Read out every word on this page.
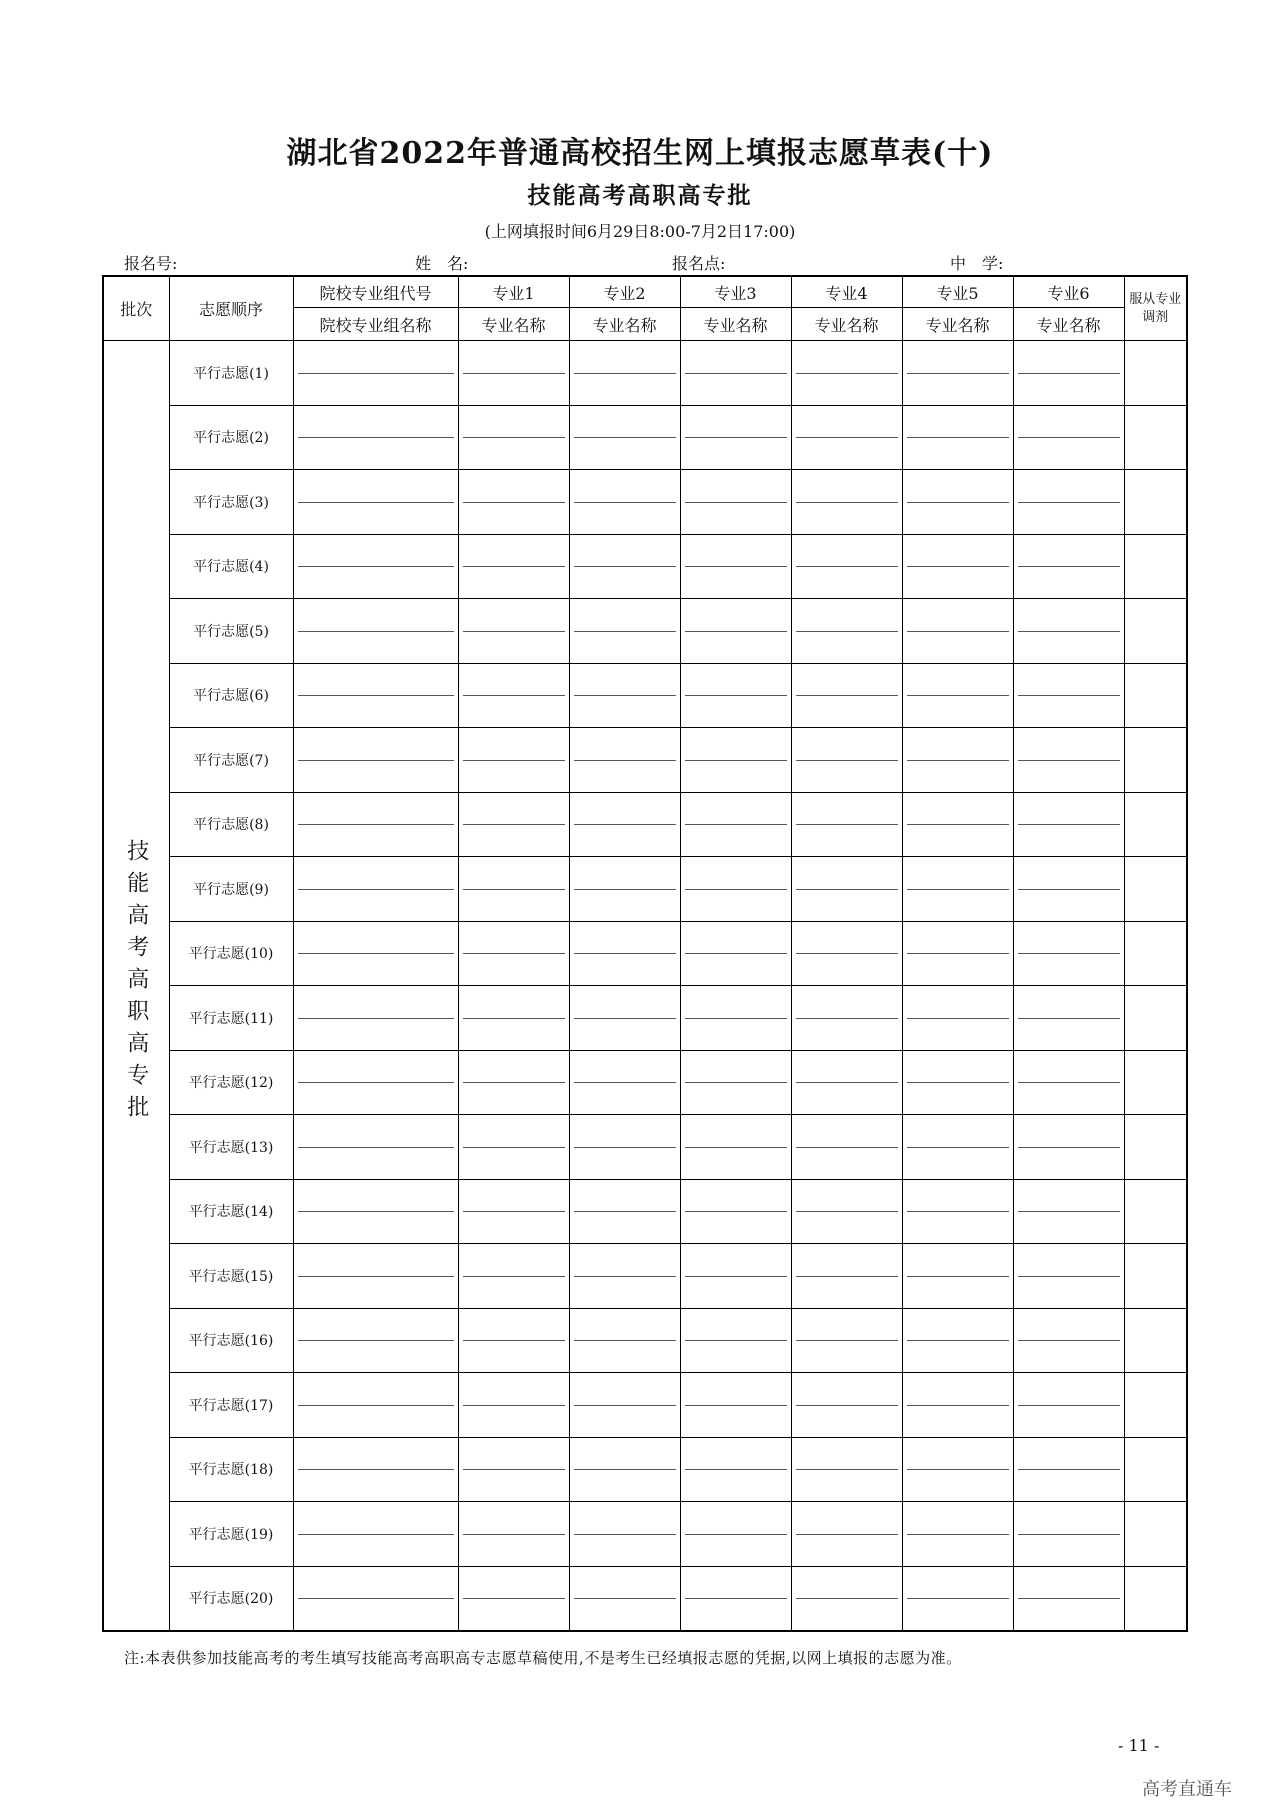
湖北省2022年普通高校招生网上填报志愿草表(十)
技能高考高职高专批
(上网填报时间6月29日8:00-7月2日17:00)
报名号:	姓　名:	报名点:	中　学:
批次	志愿顺序	院校专业组代号	专业1	专业2	专业3	专业4	专业5	专业6	服从专业调剂
		院校专业组名称	专业名称	专业名称	专业名称	专业名称	专业名称	专业名称	
技能高考高职高专批	平行志愿(1)								
	平行志愿(2)								
	平行志愿(3)								
	平行志愿(4)								
	平行志愿(5)								
	平行志愿(6)								
	平行志愿(7)								
	平行志愿(8)								
	平行志愿(9)								
	平行志愿(10)								
	平行志愿(11)								
	平行志愿(12)								
	平行志愿(13)								
	平行志愿(14)								
	平行志愿(15)								
	平行志愿(16)								
	平行志愿(17)								
	平行志愿(18)								
	平行志愿(19)								
	平行志愿(20)								
注:本表供参加技能高考的考生填写技能高考高职高专志愿草稿使用,不是考生已经填报志愿的凭据,以网上填报的志愿为准。
- 11 -
高考直通车
